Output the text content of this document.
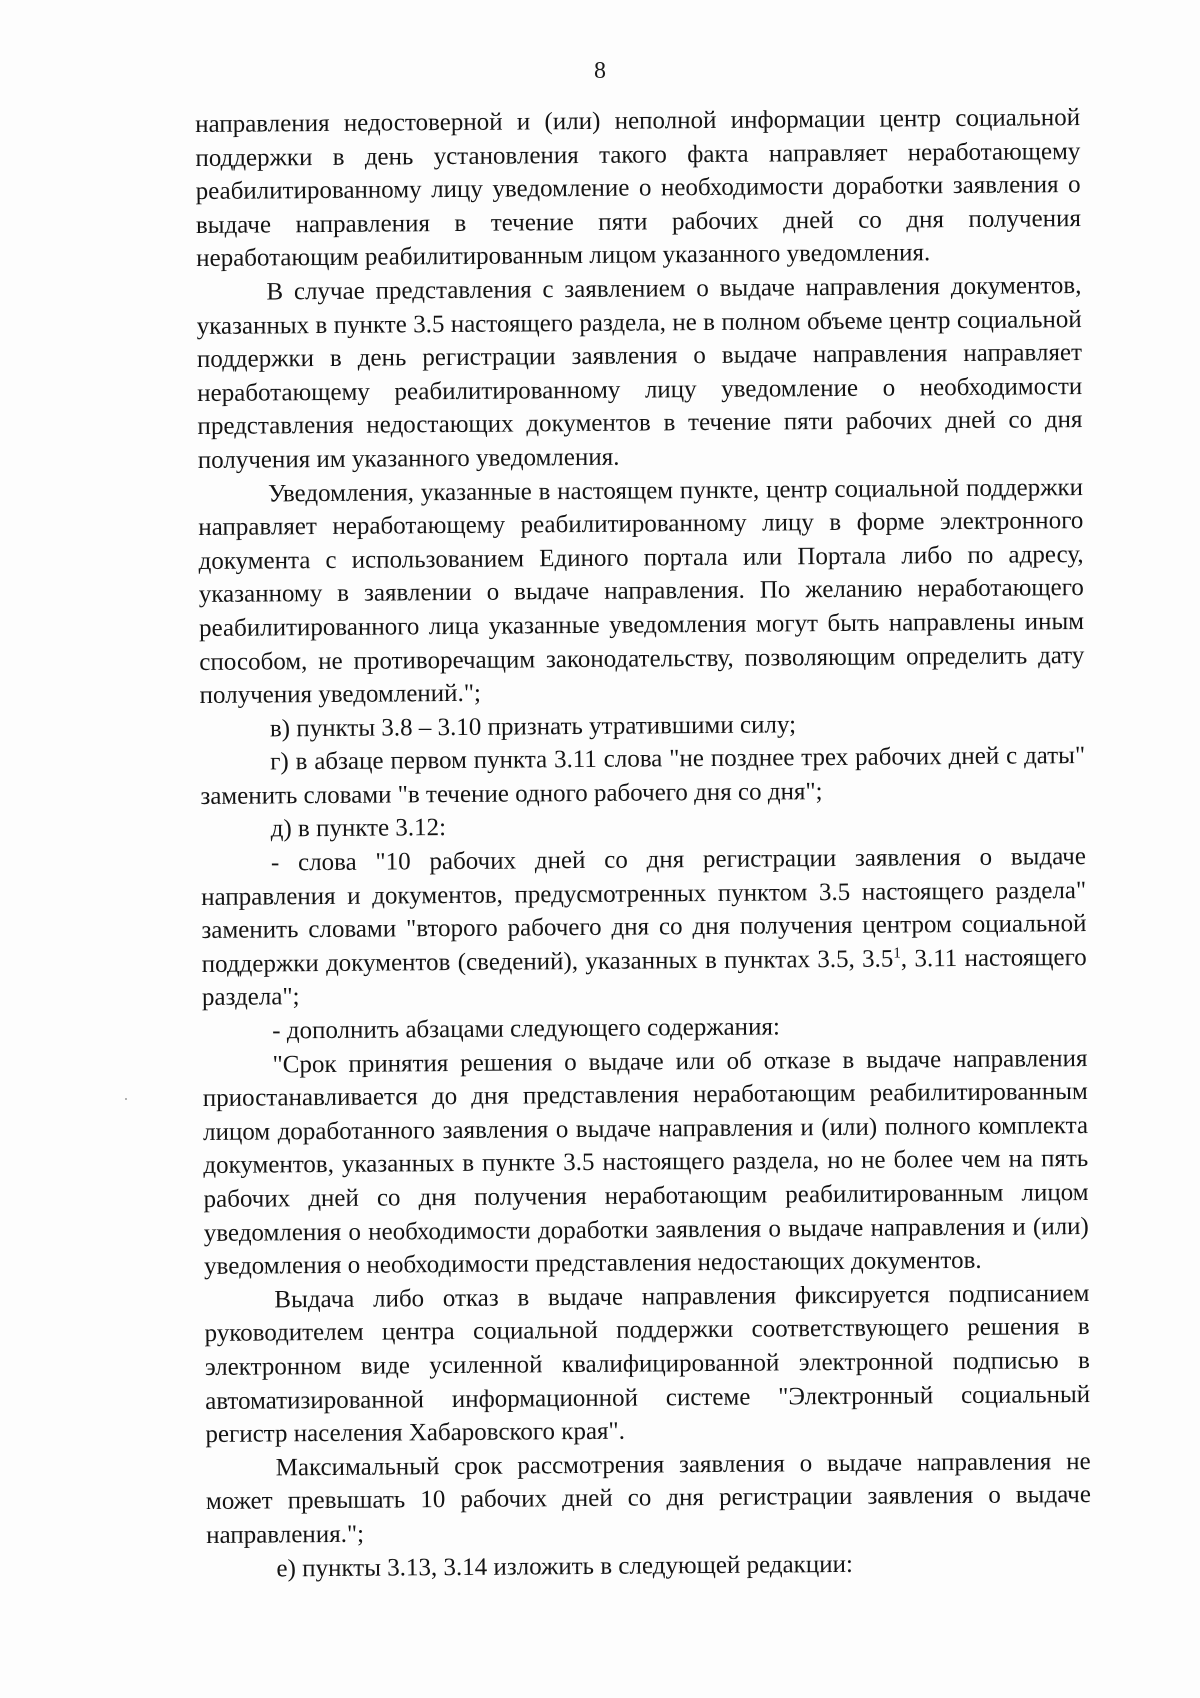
8

направления недостоверной и (или) неполной информации центр социальной поддержки в день установления такого факта направляет неработающему реабилитированному лицу уведомление о необходимости доработки заявления о выдаче направления в течение пяти рабочих дней со дня получения неработающим реабилитированным лицом указанного уведомления.

В случае представления с заявлением о выдаче направления документов, указанных в пункте 3.5 настоящего раздела, не в полном объеме центр социальной поддержки в день регистрации заявления о выдаче направления направляет неработающему реабилитированному лицу уведомление о необходимости представления недостающих документов в течение пяти рабочих дней со дня получения им указанного уведомления.

Уведомления, указанные в настоящем пункте, центр социальной поддержки направляет неработающему реабилитированному лицу в форме электронного документа с использованием Единого портала или Портала либо по адресу, указанному в заявлении о выдаче направления. По желанию неработающего реабилитированного лица указанные уведомления могут быть направлены иным способом, не противоречащим законодательству, позволяющим определить дату получения уведомлений.";

в) пункты 3.8 – 3.10 признать утратившими силу;

г) в абзаце первом пункта 3.11 слова "не позднее трех рабочих дней с даты" заменить словами "в течение одного рабочего дня со дня";

д) в пункте 3.12:

- слова "10 рабочих дней со дня регистрации заявления о выдаче направления и документов, предусмотренных пунктом 3.5 настоящего раздела" заменить словами "второго рабочего дня со дня получения центром социальной поддержки документов (сведений), указанных в пунктах 3.5, $3.5^1$, 3.11 настоящего раздела";

- дополнить абзацами следующего содержания:

"Срок принятия решения о выдаче или об отказе в выдаче направления приостанавливается до дня представления неработающим реабилитированным лицом доработанного заявления о выдаче направления и (или) полного комплекта документов, указанных в пункте 3.5 настоящего раздела, но не более чем на пять рабочих дней со дня получения неработающим реабилитированным лицом уведомления о необходимости доработки заявления о выдаче направления и (или) уведомления о необходимости представления недостающих документов.

Выдача либо отказ в выдаче направления фиксируется подписанием руководителем центра социальной поддержки соответствующего решения в электронном виде усиленной квалифицированной электронной подписью в автоматизированной информационной системе "Электронный социальный регистр населения Хабаровского края".

Максимальный срок рассмотрения заявления о выдаче направления не может превышать 10 рабочих дней со дня регистрации заявления о выдаче направления.";

е) пункты 3.13, 3.14 изложить в следующей редакции:
